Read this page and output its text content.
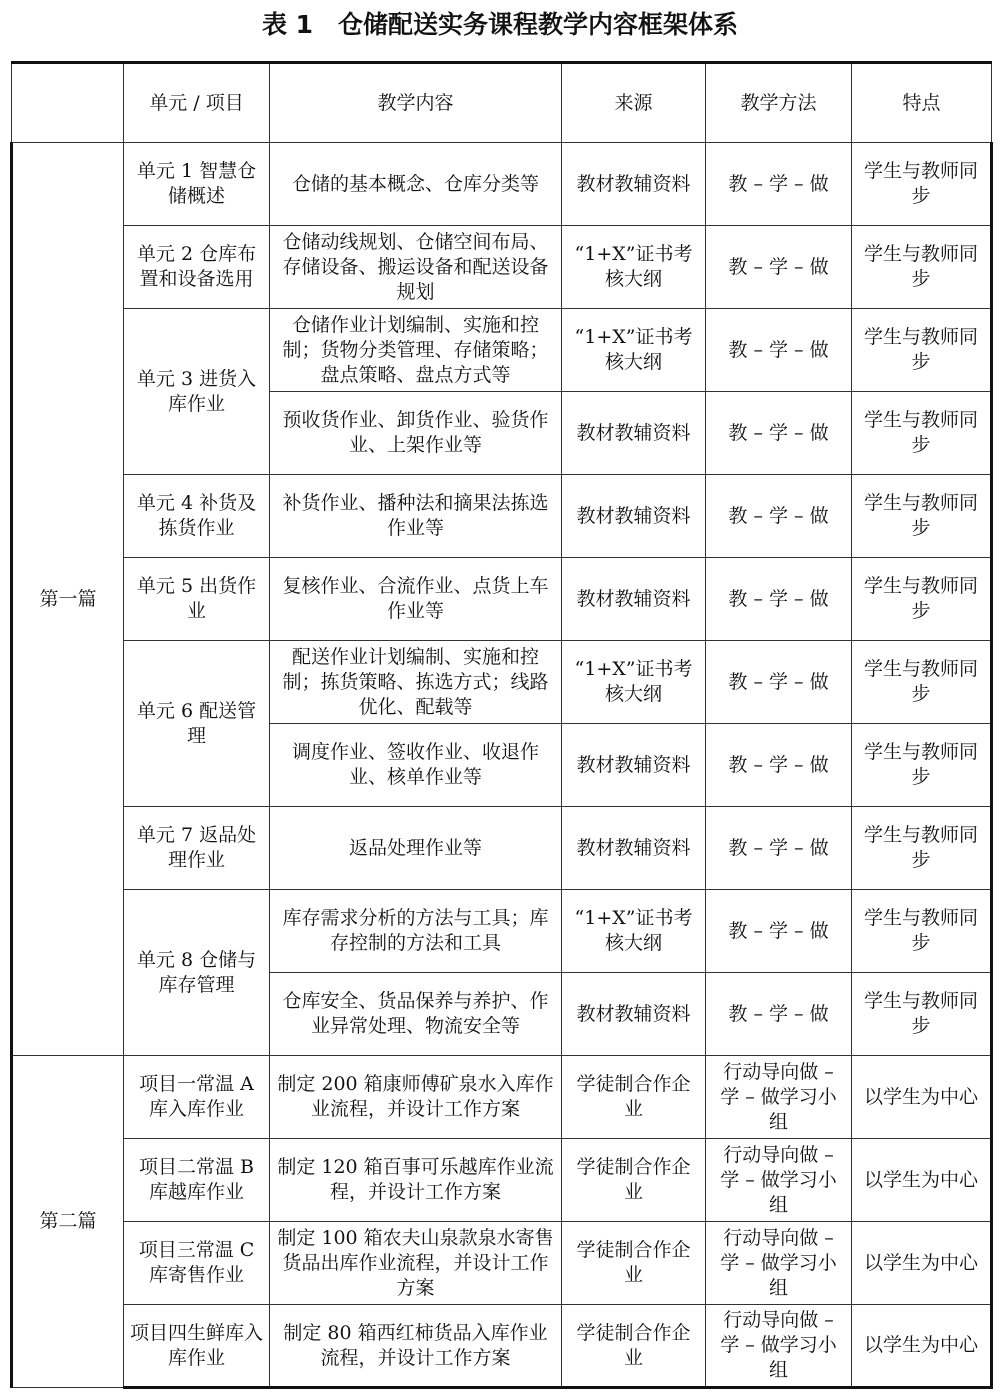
表 1　仓储配送实务课程教学内容框架体系
	单元 / 项目	教学内容	来源	教学方法	特点
第一篇	单元 1 智慧仓储概述	仓储的基本概念、仓库分类等	教材教辅资料	教 – 学 – 做	学生与教师同步
	单元 2 仓库布置和设备选用	仓储动线规划、仓储空间布局、存储设备、搬运设备和配送设备规划	“1+X”证书考核大纲	教 – 学 – 做	学生与教师同步
	单元 3 进货入库作业	仓储作业计划编制、实施和控制；货物分类管理、存储策略；盘点策略、盘点方式等	“1+X”证书考核大纲	教 – 学 – 做	学生与教师同步
		预收货作业、卸货作业、验货作业、上架作业等	教材教辅资料	教 – 学 – 做	学生与教师同步
	单元 4 补货及拣货作业	补货作业、播种法和摘果法拣选作业等	教材教辅资料	教 – 学 – 做	学生与教师同步
	单元 5 出货作业	复核作业、合流作业、点货上车作业等	教材教辅资料	教 – 学 – 做	学生与教师同步
	单元 6 配送管理	配送作业计划编制、实施和控制；拣货策略、拣选方式；线路优化、配载等	“1+X”证书考核大纲	教 – 学 – 做	学生与教师同步
		调度作业、签收作业、收退作业、核单作业等	教材教辅资料	教 – 学 – 做	学生与教师同步
	单元 7 返品处理作业	返品处理作业等	教材教辅资料	教 – 学 – 做	学生与教师同步
	单元 8 仓储与库存管理	库存需求分析的方法与工具；库存控制的方法和工具	“1+X”证书考核大纲	教 – 学 – 做	学生与教师同步
		仓库安全、货品保养与养护、作业异常处理、物流安全等	教材教辅资料	教 – 学 – 做	学生与教师同步
第二篇	项目一常温 A 库入库作业	制定 200 箱康师傅矿泉水入库作业流程，并设计工作方案	学徒制合作企业	行动导向做 – 学 – 做学习小组	以学生为中心
	项目二常温 B 库越库作业	制定 120 箱百事可乐越库作业流程，并设计工作方案	学徒制合作企业	行动导向做 – 学 – 做学习小组	以学生为中心
	项目三常温 C 库寄售作业	制定 100 箱农夫山泉款泉水寄售货品出库作业流程，并设计工作方案	学徒制合作企业	行动导向做 – 学 – 做学习小组	以学生为中心
	项目四生鲜库入库作业	制定 80 箱西红柿货品入库作业流程，并设计工作方案	学徒制合作企业	行动导向做 – 学 – 做学习小组	以学生为中心
